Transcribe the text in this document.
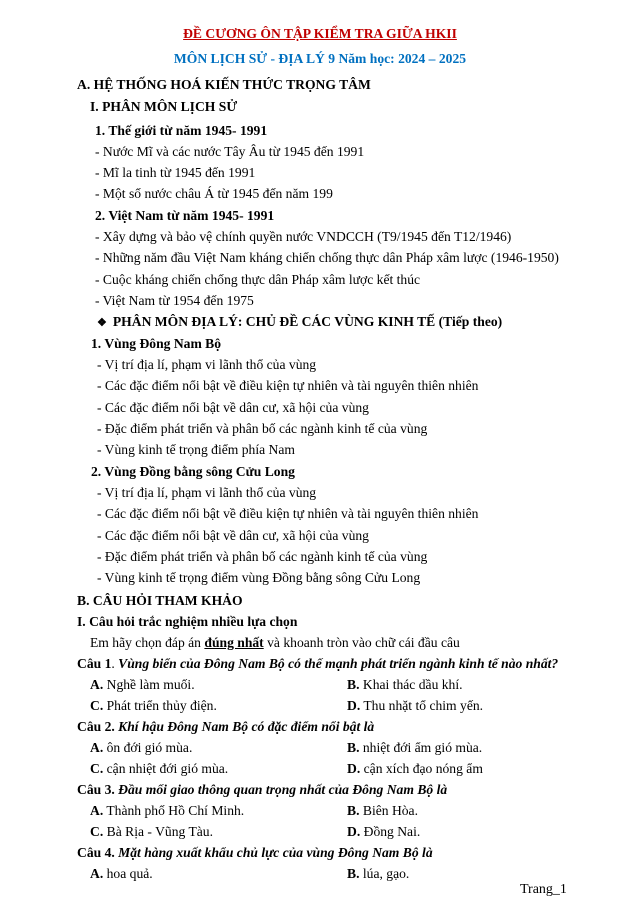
ĐỀ CƯƠNG ÔN TẬP KIỂM TRA GIỮA HKII
MÔN LỊCH SỬ - ĐỊA LÝ 9 Năm học: 2024 – 2025
A. HỆ THỐNG HOÁ KIẾN THỨC TRỌNG TÂM
I. PHÂN MÔN LỊCH SỬ
1. Thế giới từ năm 1945- 1991
- Nước Mĩ và các nước Tây Âu từ 1945 đến 1991
- Mĩ la tinh từ 1945 đến 1991
- Một số nước châu Á từ 1945 đến năm 199
2. Việt Nam từ năm 1945- 1991
- Xây dựng và bảo vệ chính quyền nước VNDCCH (T9/1945 đến T12/1946)
- Những năm đầu Việt Nam kháng chiến chống thực dân Pháp xâm lược (1946-1950)
- Cuộc kháng chiến chống thực dân Pháp xâm lược kết thúc
- Việt Nam từ 1954 đến 1975
❖ PHÂN MÔN ĐỊA LÝ: CHỦ ĐỀ CÁC VÙNG KINH TẾ (Tiếp theo)
1. Vùng Đông Nam Bộ
- Vị trí địa lí, phạm vi lãnh thổ của vùng
- Các đặc điểm nổi bật về điều kiện tự nhiên và tài nguyên thiên nhiên
- Các đặc điểm nổi bật về dân cư, xã hội của vùng
- Đặc điểm phát triển và phân bố các ngành kinh tế của vùng
- Vùng kinh tế trọng điểm phía Nam
2. Vùng Đồng bằng sông Cửu Long
- Vị trí địa lí, phạm vi lãnh thổ của vùng
- Các đặc điểm nổi bật về điều kiện tự nhiên và tài nguyên thiên nhiên
- Các đặc điểm nổi bật về dân cư, xã hội của vùng
- Đặc điểm phát triển và phân bố các ngành kinh tế của vùng
- Vùng kinh tế trọng điểm vùng Đồng bằng sông Cửu Long
B. CÂU HỎI THAM KHẢO
I. Câu hỏi trắc nghiệm nhiều lựa chọn
Em hãy chọn đáp án đúng nhất và khoanh tròn vào chữ cái đầu câu
Câu 1. Vùng biển của Đông Nam Bộ có thế mạnh phát triển ngành kinh tế nào nhất?
A. Nghề làm muối.	B. Khai thác dầu khí.
C. Phát triển thủy điện.	D. Thu nhặt tổ chim yến.
Câu 2. Khí hậu Đông Nam Bộ có đặc điểm nổi bật là
A. ôn đới gió mùa.	B. nhiệt đới ẩm gió mùa.
C. cận nhiệt đới gió mùa.	D. cận xích đạo nóng ẩm
Câu 3. Đầu mối giao thông quan trọng nhất của Đông Nam Bộ là
A. Thành phố Hồ Chí Minh.	B. Biên Hòa.
C. Bà Rịa - Vũng Tàu.	D. Đồng Nai.
Câu 4. Mặt hàng xuất khẩu chủ lực của vùng Đông Nam Bộ là
A. hoa quả.	B. lúa, gạo.
Trang_1
